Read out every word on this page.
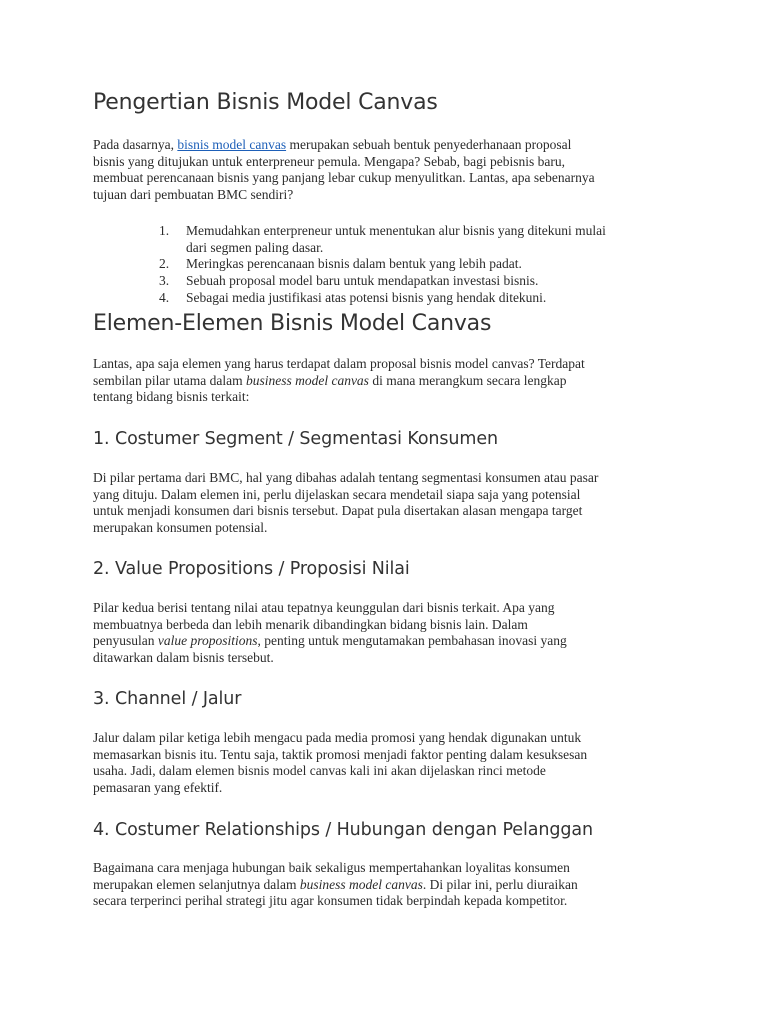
Pengertian Bisnis Model Canvas

Pada dasarnya, bisnis model canvas merupakan sebuah bentuk penyederhanaan proposal
bisnis yang ditujukan untuk enterpreneur pemula. Mengapa? Sebab, bagi pebisnis baru,
membuat perencanaan bisnis yang panjang lebar cukup menyulitkan. Lantas, apa sebenarnya
tujuan dari pembuatan BMC sendiri?

1. Memudahkan enterpreneur untuk menentukan alur bisnis yang ditekuni mulai
dari segmen paling dasar.
2. Meringkas perencanaan bisnis dalam bentuk yang lebih padat.
3. Sebuah proposal model baru untuk mendapatkan investasi bisnis.
4. Sebagai media justifikasi atas potensi bisnis yang hendak ditekuni.
Elemen-Elemen Bisnis Model Canvas

Lantas, apa saja elemen yang harus terdapat dalam proposal bisnis model canvas? Terdapat
sembilan pilar utama dalam business model canvas di mana merangkum secara lengkap
tentang bidang bisnis terkait:

1. Costumer Segment / Segmentasi Konsumen

Di pilar pertama dari BMC, hal yang dibahas adalah tentang segmentasi konsumen atau pasar
yang dituju. Dalam elemen ini, perlu dijelaskan secara mendetail siapa saja yang potensial
untuk menjadi konsumen dari bisnis tersebut. Dapat pula disertakan alasan mengapa target
merupakan konsumen potensial.

2. Value Propositions / Proposisi Nilai

Pilar kedua berisi tentang nilai atau tepatnya keunggulan dari bisnis terkait. Apa yang
membuatnya berbeda dan lebih menarik dibandingkan bidang bisnis lain. Dalam
penyusulan value propositions, penting untuk mengutamakan pembahasan inovasi yang
ditawarkan dalam bisnis tersebut.

3. Channel / Jalur

Jalur dalam pilar ketiga lebih mengacu pada media promosi yang hendak digunakan untuk
memasarkan bisnis itu. Tentu saja, taktik promosi menjadi faktor penting dalam kesuksesan
usaha. Jadi, dalam elemen bisnis model canvas kali ini akan dijelaskan rinci metode
pemasaran yang efektif.

4. Costumer Relationships / Hubungan dengan Pelanggan

Bagaimana cara menjaga hubungan baik sekaligus mempertahankan loyalitas konsumen
merupakan elemen selanjutnya dalam business model canvas. Di pilar ini, perlu diuraikan
secara terperinci perihal strategi jitu agar konsumen tidak berpindah kepada kompetitor.
